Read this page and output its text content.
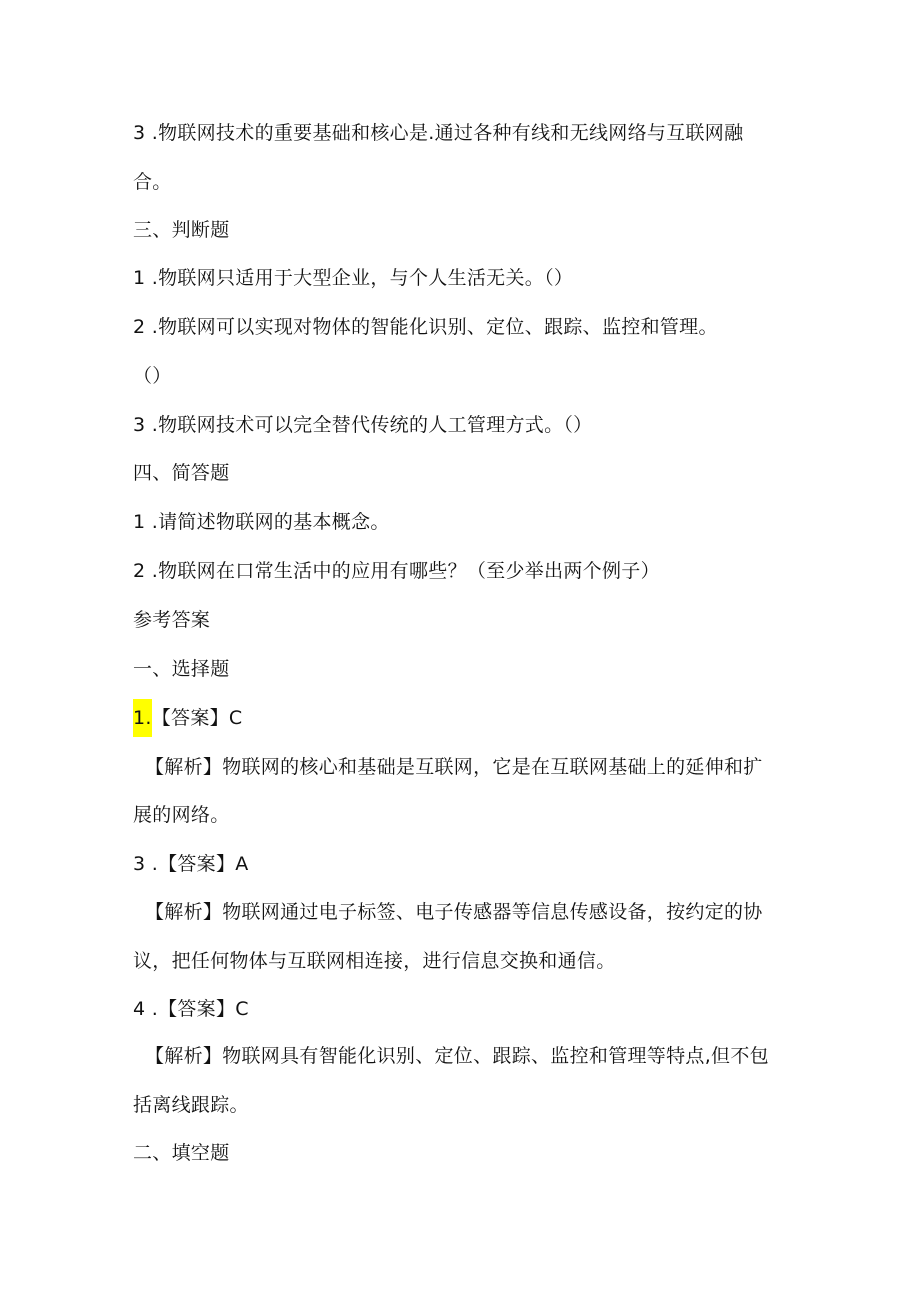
3 .物联网技术的重要基础和核心是.通过各种有线和无线网络与互联网融
合。
三、判断题
1 .物联网只适用于大型企业，与个人生活无关。（）
2 .物联网可以实现对物体的智能化识别、定位、跟踪、监控和管理。
（）
3 .物联网技术可以完全替代传统的人工管理方式。（）
四、简答题
1 .请简述物联网的基本概念。
2 .物联网在口常生活中的应用有哪些？（至少举出两个例子）
参考答案
一、选择题
1.【答案】C
【解析】物联网的核心和基础是互联网，它是在互联网基础上的延伸和扩
展的网络。
3 .【答案】A
【解析】物联网通过电子标签、电子传感器等信息传感设备，按约定的协
议，把任何物体与互联网相连接，进行信息交换和通信。
4 .【答案】C
【解析】物联网具有智能化识别、定位、跟踪、监控和管理等特点,但不包
括离线跟踪。
二、填空题
